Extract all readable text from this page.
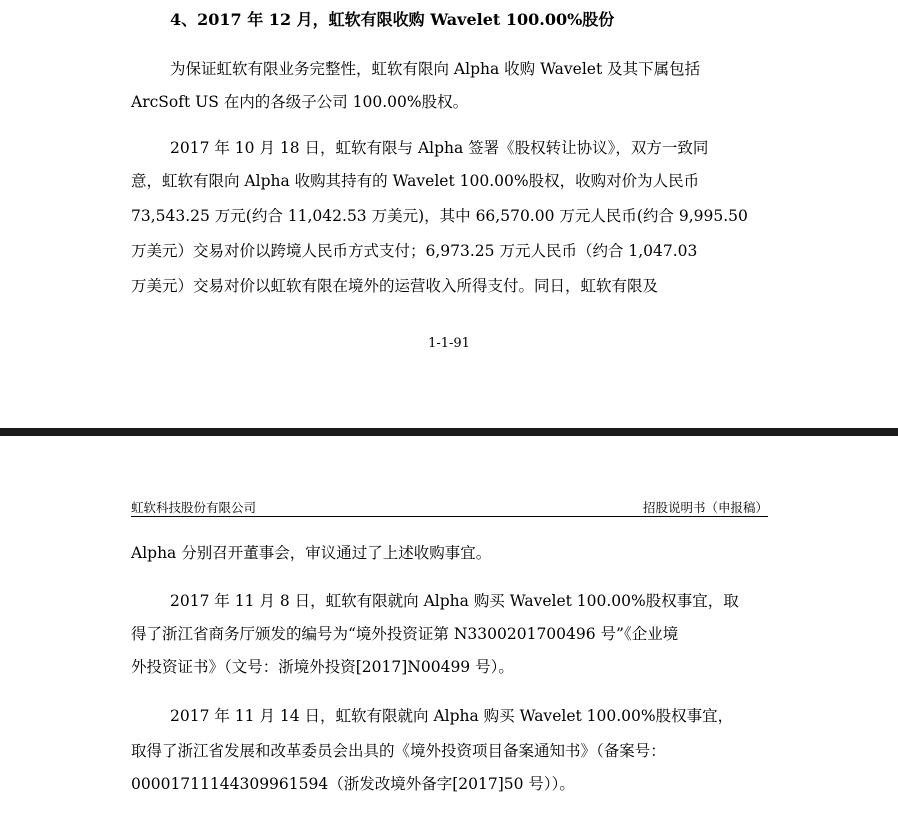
4、2017 年 12 月，虹软有限收购 Wavelet 100.00%股份
为保证虹软有限业务完整性，虹软有限向 Alpha 收购 Wavelet 及其下属包括
ArcSoft US 在内的各级子公司 100.00%股权。
2017 年 10 月 18 日，虹软有限与 Alpha 签署《股权转让协议》，双方一致同
意，虹软有限向 Alpha 收购其持有的 Wavelet 100.00%股权，收购对价为人民币
73,543.25 万元(约合 11,042.53 万美元)，其中 66,570.00 万元人民币(约合 9,995.50
万美元）交易对价以跨境人民币方式支付；6,973.25 万元人民币（约合 1,047.03
万美元）交易对价以虹软有限在境外的运营收入所得支付。同日，虹软有限及
1-1-91
虹软科技股份有限公司	招股说明书（申报稿）
Alpha 分别召开董事会，审议通过了上述收购事宜。
2017 年 11 月 8 日，虹软有限就向 Alpha 购买 Wavelet 100.00%股权事宜，取
得了浙江省商务厅颁发的编号为“境外投资证第 N3300201700496 号”《企业境
外投资证书》（文号：浙境外投资[2017]N00499 号）。
2017 年 11 月 14 日，虹软有限就向 Alpha 购买 Wavelet 100.00%股权事宜，
取得了浙江省发展和改革委员会出具的《境外投资项目备案通知书》（备案号：
00001711144309961594（浙发改境外备字[2017]50 号））。
